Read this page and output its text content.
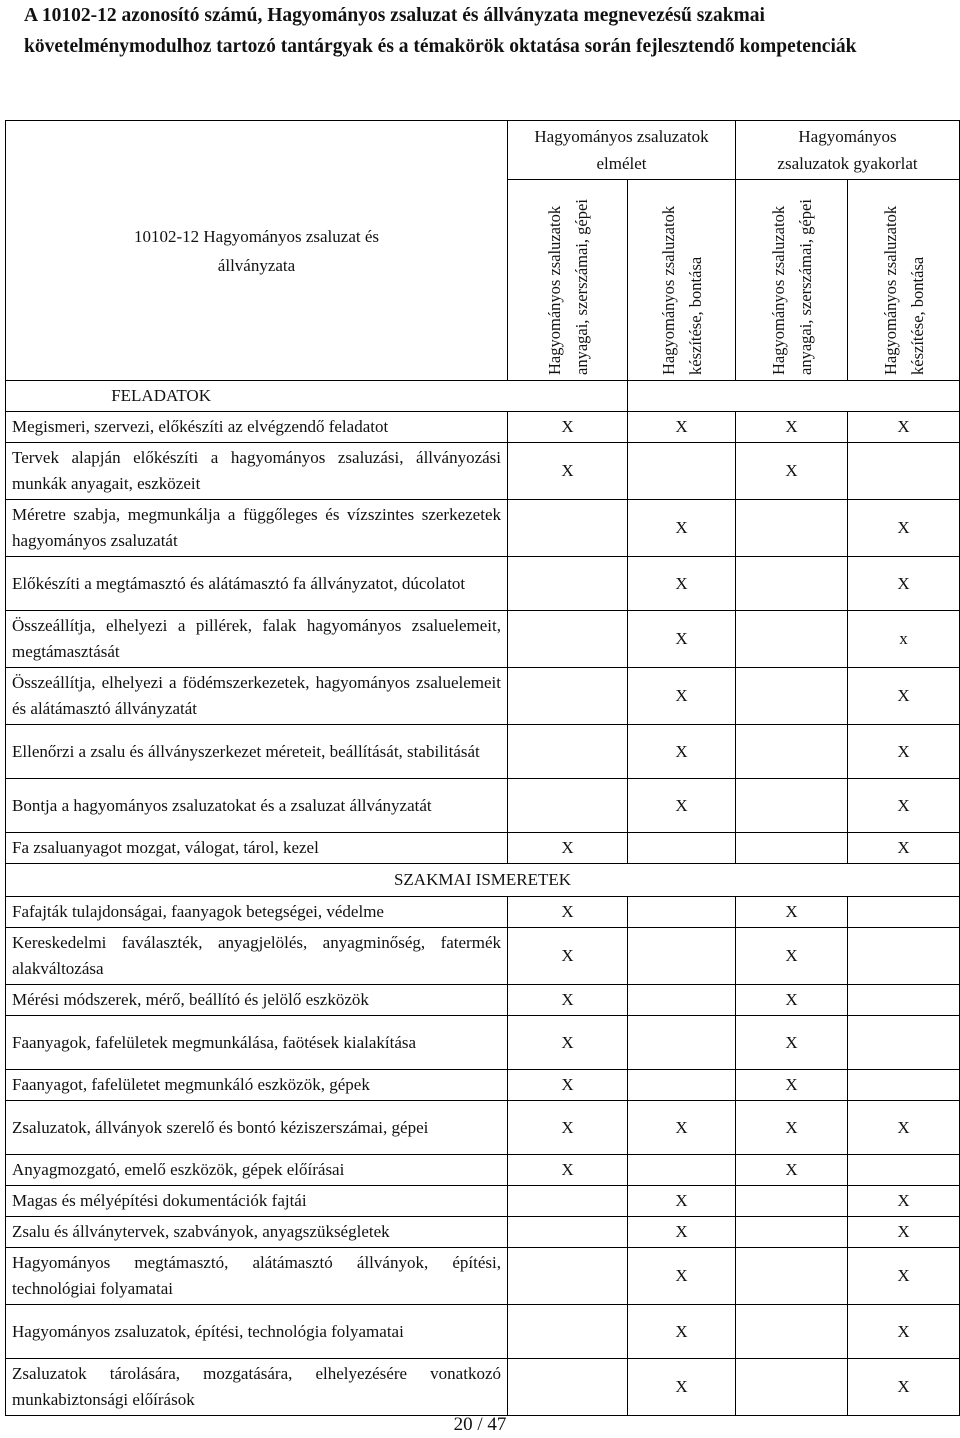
A 10102-12 azonosító számú, Hagyományos zsaluzat és állványzata megnevezésű szakmai követelménymodulhoz tartozó tantárgyak és a témakörök oktatása során fejlesztendő kompetenciák
10102-12 Hagyományos zsaluzat és
állványzata	Hagyományos zsaluzatok
elmélet		Hagyományos
zsaluzatok gyakorlat	

	Hagyományos zsaluzatok anyagai, szerszámai, gépei	Hagyományos zsaluzatok készítése, bontása	Hagyományos zsaluzatok anyagai, szerszámai, gépei	Hagyományos zsaluzatok készítése, bontása

FELADATOK				
Megismeri, szervezi, előkészíti az elvégzendő feladatot	X	X	X	X
Tervek alapján előkészíti a hagyományos zsaluzási, állványozási munkák anyagait, eszközeit	X		X	
Méretre szabja, megmunkálja a függőleges és vízszintes szerkezetek hagyományos zsaluzatát		X		X
Előkészíti a megtámasztó és alátámasztó fa állványzatot, dúcolatot		X		X
Összeállítja, elhelyezi a pillérek, falak hagyományos zsaluelemeit, megtámasztását		X		x
Összeállítja, elhelyezi a födémszerkezetek, hagyományos zsaluelemeit és alátámasztó állványzatát		X		X
Ellenőrzi a zsalu és állványszerkezet méreteit, beállítását, stabilitását		X		X
Bontja a hagyományos zsaluzatokat és a zsaluzat állványzatát		X		X
Fa zsaluanyagot mozgat, válogat, tárol, kezel	X			X
SZAKMAI ISMERETEK				
Fafajták tulajdonságai, faanyagok betegségei, védelme	X		X	
Kereskedelmi faválaszték, anyagjelölés, anyagminőség, fatermék alakváltozása	X		X	
Mérési módszerek, mérő, beállító és jelölő eszközök	X		X	
Faanyagok, fafelületek megmunkálása, faötések kialakítása	X		X	
Faanyagot, fafelületet megmunkáló eszközök, gépek	X		X	
Zsaluzatok, állványok szerelő és bontó kéziszerszámai, gépei	X	X	X	X
Anyagmozgató, emelő eszközök, gépek előírásai	X		X	
Magas és mélyépítési dokumentációk fajtái		X		X
Zsalu és állványtervek, szabványok, anyagszükségletek		X		X
Hagyományos megtámasztó, alátámasztó állványok, építési, technológiai folyamatai		X		X
Hagyományos zsaluzatok, építési, technológia folyamatai		X		X
Zsaluzatok tárolására, mozgatására, elhelyezésére vonatkozó munkabiztonsági előírások		X		X
20 / 47
